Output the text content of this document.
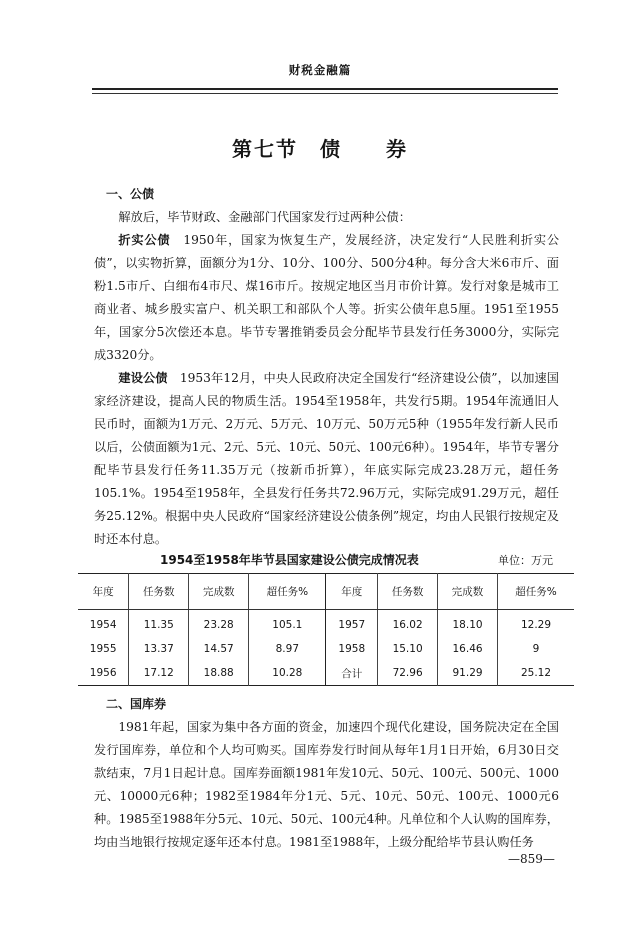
财税金融篇
第七节　债　　券

一、公债

解放后，毕节财政、金融部门代国家发行过两种公债：

折实公债　1950年，国家为恢复生产，发展经济，决定发行“人民胜利折实公债”，以实物折算，面额分为1分、10分、100分、500分4种。每分含大米6市斤、面粉1.5市斤、白细布4市尺、煤16市斤。按规定地区当月市价计算。发行对象是城市工商业者、城乡殷实富户、机关职工和部队个人等。折实公债年息5厘。1951至1955年，国家分5次偿还本息。毕节专署推销委员会分配毕节县发行任务3000分，实际完成3320分。

建设公债　1953年12月，中央人民政府决定全国发行“经济建设公债”，以加速国家经济建设，提高人民的物质生活。1954至1958年，共发行5期。1954年流通旧人民币时，面额为1万元、2万元、5万元、10万元、50万元5种（1955年发行新人民币以后，公债面额为1元、2元、5元、10元、50元、100元6种）。1954年，毕节专署分配毕节县发行任务11.35万元（按新币折算），年底实际完成23.28万元，超任务105.1%。1954至1958年，全县发行任务共72.96万元，实际完成91.29万元，超任务25.12%。根据中央人民政府“国家经济建设公债条例”规定，均由人民银行按规定及时还本付息。

1954至1958年毕节县国家建设公债完成情况表	单位：万元
年度	任务数	完成数	超任务%	年度	任务数	完成数	超任务%
1954	11.35	23.28	105.1	1957	16.02	18.10	12.29
1955	13.37	14.57	8.97	1958	15.10	16.46	9
1956	17.12	18.88	10.28	合计	72.96	91.29	25.12

二、国库券

1981年起，国家为集中各方面的资金，加速四个现代化建设，国务院决定在全国发行国库券，单位和个人均可购买。国库券发行时间从每年1月1日开始，6月30日交款结束，7月1日起计息。国库券面额1981年发10元、50元、100元、500元、1000元、10000元6种；1982至1984年分1元、5元、10元、50元、100元、1000元6种。1985至1988年分5元、10元、50元、100元4种。凡单位和个人认购的国库券，均由当地银行按规定逐年还本付息。1981至1988年，上级分配给毕节县认购任务

—859—
